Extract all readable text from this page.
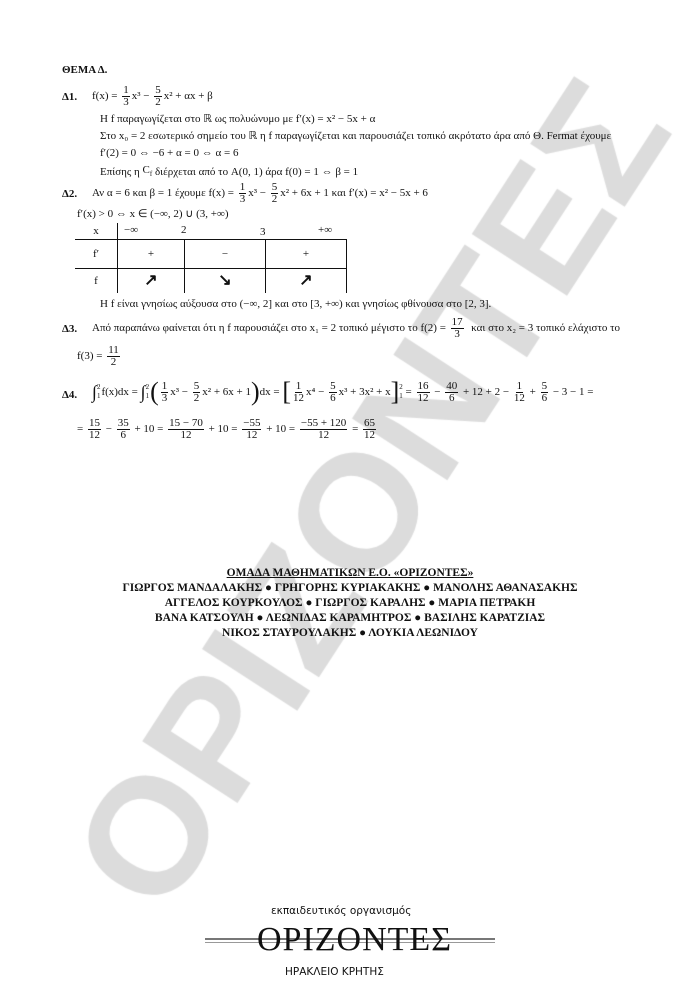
ΘΕΜΑ Δ.
Δ1. $f(x) = \frac{1}{3} x^3 - \frac{5}{2} x^2 + \alpha x + \beta$
Η f παραγωγίζεται στο ℝ ως πολυώνυμο με f′(x) = x² − 5x + α
Στο x₀ = 2 εσωτερικό σημείο του ℝ η f παραγωγίζεται και παρουσιάζει τοπικό ακρότατο άρα από Θ. Fermat έχουμε
f′(2) = 0 ⇔ −6 + α = 0 ⇔ α = 6
Επίσης η $C_f$ διέρχεται από το A(0, 1) άρα f(0) = 1 ⇔ β = 1
Δ2. Αν α = 6 και β = 1 έχουμε $f(x) = \frac{1}{3} x^3 - \frac{5}{2} x^2 + 6x + 1$ και f′(x) = x² − 5x + 6
f′(x) > 0 ⇔ x ∈ (−∞, 2) ∪ (3, +∞)
x	−∞ 2 3 +∞		

f′	+	−	+
f	↗	↘	↗
Η f είναι γνησίως αύξουσα στο (−∞, 2] και στο [3, +∞) και γνησίως φθίνουσα στο [2, 3].
Δ3. Από παραπάνω φαίνεται ότι η f παρουσιάζει στο x₁ = 2 τοπικό μέγιστο το $f(2) = \frac{17}{3}$ και στο x₂ = 3 τοπικό ελάχιστο το
$f(3) = \frac{11}{2}$
Δ4. ∫ 2
1 f(x)dx = ∫ 2
1 ( $\frac{1}{3} x^3 - \frac{5}{2} x^2 + 6x + 1$ ) dx = [ $\frac{1}{12} x^4 - \frac{5}{6} x^3 + 3x^2 + x$ ] 2
$1 = \frac{16}{12} - \frac{40}{6} + 12 + 2 - \frac{1}{12} + \frac{5}{6} - 3 - 1$ =
= $\frac{15}{12} - \frac{35}{6} + 10 = \frac{15 - 70}{12} + 10 = \frac{-55}{12} + 10 = \frac{-55 + 120}{12} = \frac{65}{12}$
ΟΜΑΔΑ ΜΑΘΗΜΑΤΙΚΩΝ Ε.Ο. «ΟΡΙΖΟΝΤΕΣ»
ΓΙΩΡΓΟΣ ΜΑΝΔΑΛΑΚΗΣ ● ΓΡΗΓΟΡΗΣ ΚΥΡΙΑΚΑΚΗΣ ● ΜΑΝΟΛΗΣ ΑΘΑΝΑΣΑΚΗΣ
ΑΓΓΕΛΟΣ ΚΟΥΡΚΟΥΛΟΣ ● ΓΙΩΡΓΟΣ ΚΑΡΑΛΗΣ ● ΜΑΡΙΑ ΠΕΤΡΑΚΗ
ΒΑΝΑ ΚΑΤΣΟΥΛΗ ● ΛΕΩΝΙΔΑΣ ΚΑΡΑΜΗΤΡΟΣ ● ΒΑΣΙΛΗΣ ΚΑΡΑΤΖΙΑΣ
ΝΙΚΟΣ ΣΤΑΥΡΟΥΛΑΚΗΣ ● ΛΟΥΚΙΑ ΛΕΩΝΙΔΟΥ
εκπαιδευτικός οργανισμός
ΟΡΙΖΟΝΤΕΣ
ΗΡΑΚΛΕΙΟ ΚΡΗΤΗΣ
